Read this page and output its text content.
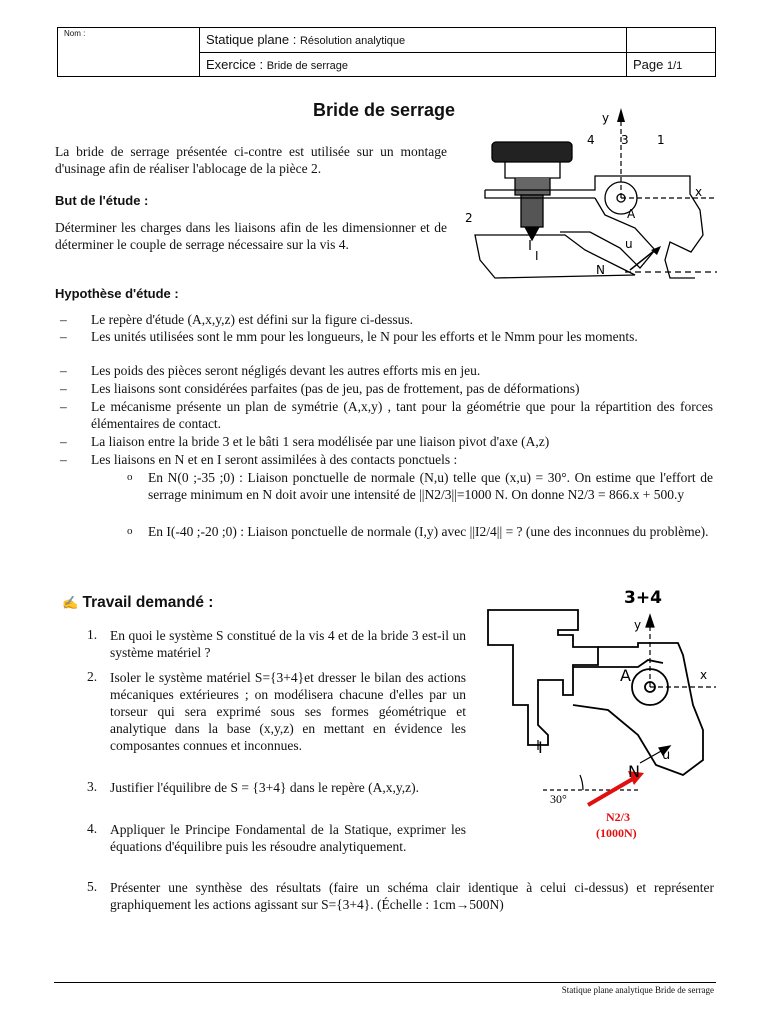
Nom :	Statique plane : Résolution analytique	
	Exercice : Bride de serrage	Page 1/1
Bride de serrage
La bride de serrage présentée ci-contre est utilisée sur un montage d'usinage afin de réaliser l'ablocage de la pièce 2.
But de l'étude :
Déterminer les charges dans les liaisons afin de les dimensionner et de déterminer le couple de serrage nécessaire sur la vis 4.
Hypothèse d'étude :
– Le repère d'étude (A,x,y,z) est défini sur la figure ci-dessus.
– Les unités utilisées sont le mm pour les longueurs, le N pour les efforts et le Nmm pour les moments.
– Les poids des pièces seront négligés devant les autres efforts mis en jeu.
– Les liaisons sont considérées parfaites (pas de jeu, pas de frottement, pas de déformations)
– Le mécanisme présente un plan de symétrie (A,x,y) , tant pour la géométrie que pour la répartition des forces élémentaires de contact.
– La liaison entre la bride 3 et le bâti 1 sera modélisée par une liaison pivot d'axe (A,z)
– Les liaisons en N et en I seront assimilées à des contacts ponctuels :
o En N(0 ;-35 ;0) : Liaison ponctuelle de normale (N,u) telle que (x,u) = 30°. On estime que l'effort de serrage minimum en N doit avoir une intensité de ||N2/3||=1000 N. On donne N2/3 = 866.x + 500.y
o En I(-40 ;-20 ;0) : Liaison ponctuelle de normale (I,y) avec ||I2/4|| = ? (une des inconnues du problème).
✍ Travail demandé :
1. En quoi le système S constitué de la vis 4 et de la bride 3 est-il un système matériel ?
2. Isoler le système matériel S={3+4}et dresser le bilan des actions mécaniques extérieures ; on modélisera chacune d'elles par un torseur qui sera exprimé sous ses formes géométrique et analytique dans la base (x,y,z) en mettant en évidence les composantes connues et inconnues.
3. Justifier l'équilibre de S = {3+4} dans le repère (A,x,y,z).
4. Appliquer le Principe Fondamental de la Statique, exprimer les équations d'équilibre puis les résoudre analytiquement.
5. Présenter une synthèse des résultats (faire un schéma clair identique à celui ci-dessus) et représenter graphiquement les actions agissant sur S={3+4}. (Échelle : 1cm→500N)
y
4 3 1
x
2	A
u
I
N
3+4
y
x
A
u
I
N
30°
N2/3
(1000N)
Statique plane analytique Bride de serrage
